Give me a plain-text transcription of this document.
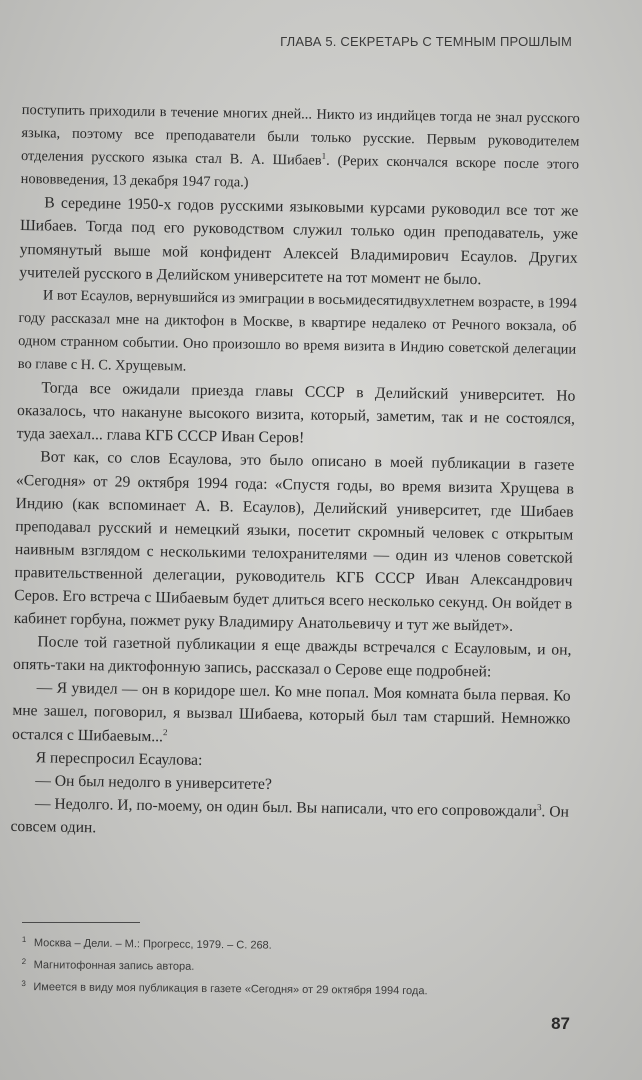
ГЛАВА 5. СЕКРЕТАРЬ С ТЕМНЫМ ПРОШЛЫМ

поступить приходили в течение многих дней... Никто из индийцев тогда не знал русского языка, поэтому все преподаватели были только русские. Первым руководителем отделения русского языка стал В. А. Шибаев$^1$. (Рерих скончался вскоре после этого нововведения, 13 декабря 1947 года.)

В середине 1950-х годов русскими языковыми курсами руководил все тот же Шибаев. Тогда под его руководством служил только один преподаватель, уже упомянутый выше мой конфидент Алексей Владимирович Есаулов. Других учителей русского в Делийском университете на тот момент не было.

И вот Есаулов, вернувшийся из эмиграции в восьмидесятидвухлетнем возрасте, в 1994 году рассказал мне на диктофон в Москве, в квартире недалеко от Речного вокзала, об одном странном событии. Оно произошло во время визита в Индию советской делегации во главе с Н. С. Хрущевым.

Тогда все ожидали приезда главы СССР в Делийский университет. Но оказалось, что накануне высокого визита, который, заметим, так и не состоялся, туда заехал... глава КГБ СССР Иван Серов!

Вот как, со слов Есаулова, это было описано в моей публикации в газете «Сегодня» от 29 октября 1994 года: «Спустя годы, во время визита Хрущева в Индию (как вспоминает А. В. Есаулов), Делийский университет, где Шибаев преподавал русский и немецкий языки, посетит скромный человек с открытым наивным взглядом с несколькими телохранителями — один из членов советской правительственной делегации, руководитель КГБ СССР Иван Александрович Серов. Его встреча с Шибаевым будет длиться всего несколько секунд. Он войдет в кабинет горбуна, пожмет руку Владимиру Анатольевичу и тут же выйдет».

После той газетной публикации я еще дважды встречался с Есауловым, и он, опять-таки на диктофонную запись, рассказал о Серове еще подробней:

— Я увидел — он в коридоре шел. Ко мне попал. Моя комната была первая. Ко мне зашел, поговорил, я вызвал Шибаева, который был там старший. Немножко остался с Шибаевым...$^2$

Я переспросил Есаулова:

— Он был недолго в университете?

— Недолго. И, по-моему, он один был. Вы написали, что его сопровождали$^3$. Он совсем один.

1 Москва – Дели. – М.: Прогресс, 1979. – С. 268.

2 Магнитофонная запись автора.

3 Имеется в виду моя публикация в газете «Сегодня» от 29 октября 1994 года.

87
